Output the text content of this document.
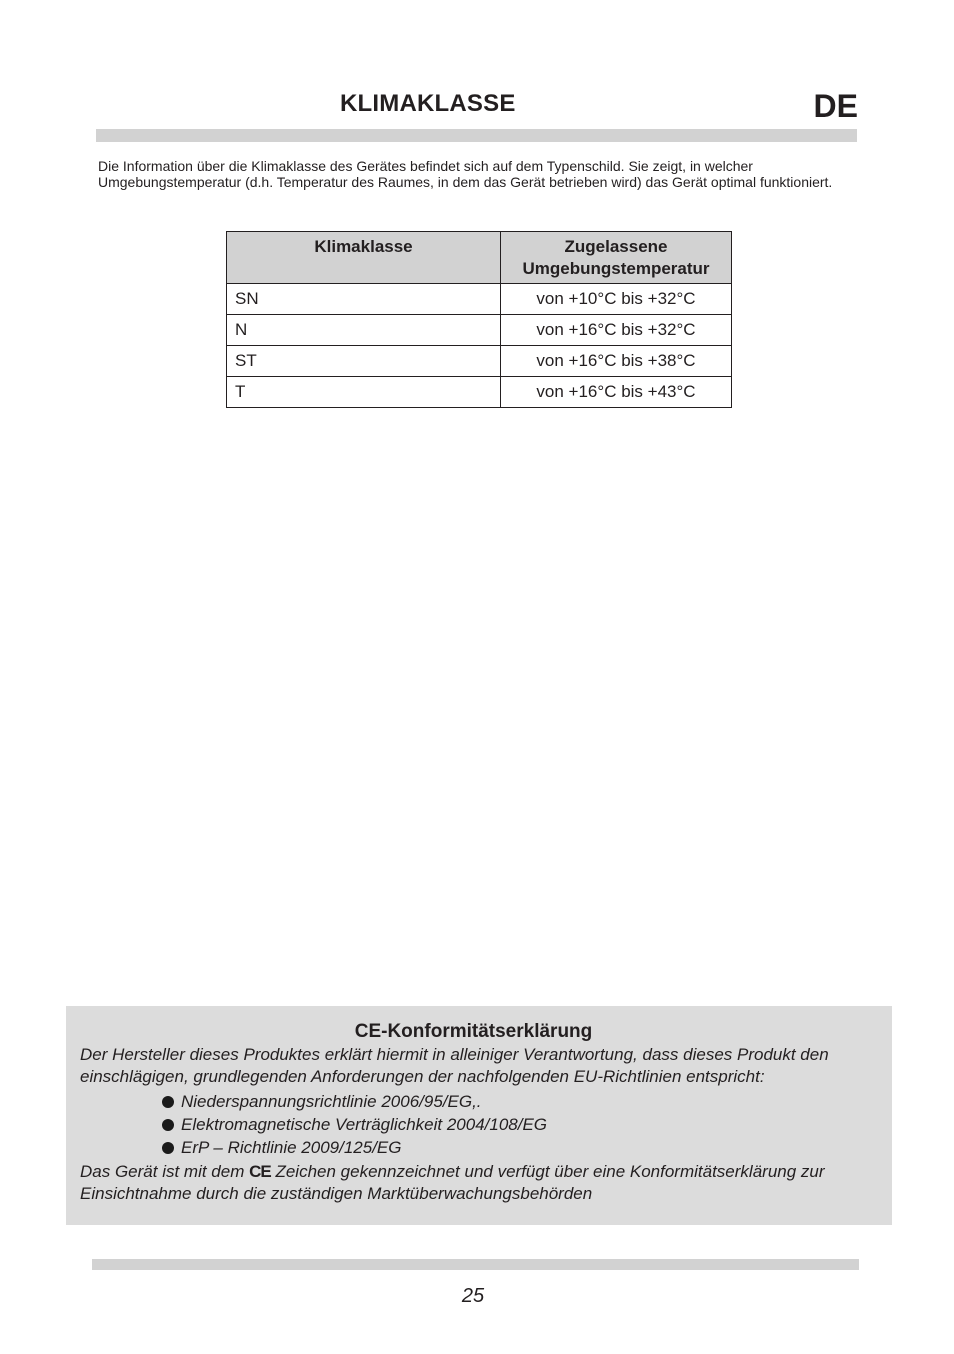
KLIMAKLASSE	DE
Die Information über die Klimaklasse des Gerätes befindet sich auf dem Typenschild. Sie zeigt, in welcher Umgebungstemperatur (d.h. Temperatur des Raumes, in dem das Gerät betrieben wird) das Gerät optimal funktioniert.
Klimaklasse	Zugelassene Umgebungstemperatur
SN	von +10°C bis +32°C
N	von +16°C bis +32°C
ST	von +16°C bis +38°C
T	von +16°C bis +43°C
CE-Konformitätserklärung
Der Hersteller dieses Produktes erklärt hiermit in alleiniger Verantwortung, dass dieses Produkt den einschlägigen, grundlegenden Anforderungen der nachfolgenden EU-Richtlinien entspricht:
Niederspannungsrichtlinie 2006/95/EG,.
Elektromagnetische Verträglichkeit 2004/108/EG
ErP – Richtlinie 2009/125/EG
Das Gerät ist mit dem CE Zeichen gekennzeichnet und verfügt über eine Konformitätserklärung zur Einsichtnahme durch die zuständigen Marktüberwachungsbehörden
25
